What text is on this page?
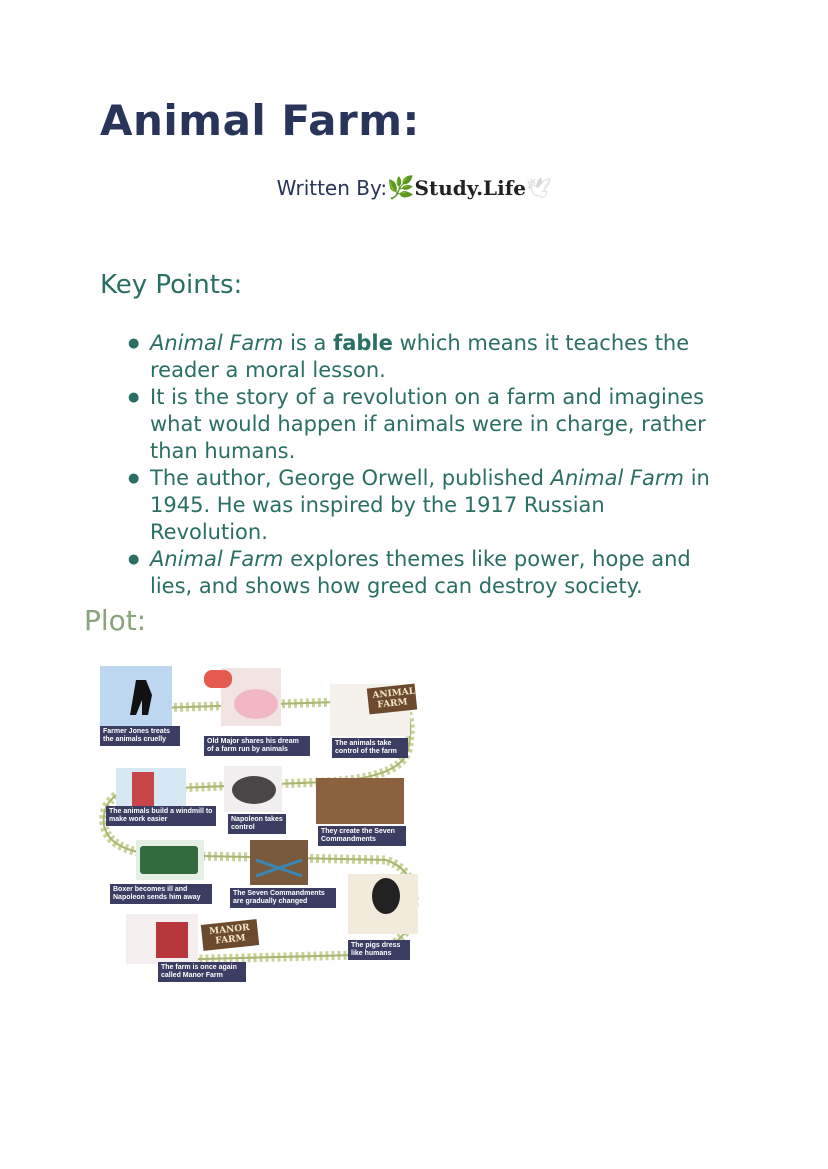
Animal Farm:
Written By:🌿Study.Life🕊
Key Points:
● Animal Farm is a fable which means it teaches the reader a moral lesson.
● It is the story of a revolution on a farm and imagines what would happen if animals were in charge, rather than humans.
● The author, George Orwell, published Animal Farm in 1945. He was inspired by the 1917 Russian Revolution.
● Animal Farm explores themes like power, hope and lies, and shows how greed can destroy society.
Plot:
ANIMAL FARM
MANOR FARM
Farmer Jones treats the animals cruelly	Old Major shares his dream of a farm run by animals
The animals take control of the farm
The animals build a windmill to make work easier	Napoleon takes control
They create the Seven Commandments
Boxer becomes ill and Napoleon sends him away
The Seven Commandments are gradually changed
The pigs dress like humans
The farm is once again called Manor Farm
